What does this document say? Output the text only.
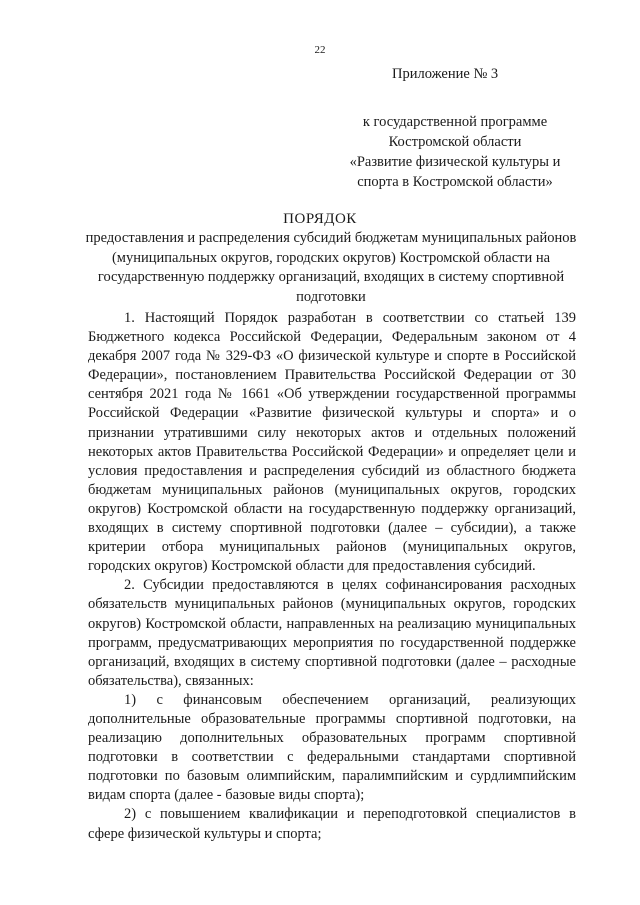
22
Приложение № 3
к государственной программе
Костромской области
«Развитие физической культуры и
спорта в Костромской области»
ПОРЯДОК
предоставления и распределения субсидий бюджетам муниципальных районов (муниципальных округов, городских округов) Костромской области на государственную поддержку организаций, входящих в систему спортивной подготовки

1. Настоящий Порядок разработан в соответствии со статьей 139 Бюджетного кодекса Российской Федерации, Федеральным законом от 4 декабря 2007 года № 329-ФЗ «О физической культуре и спорте в Российской Федерации», постановлением Правительства Российской Федерации от 30 сентября 2021 года № 1661 «Об утверждении государственной программы Российской Федерации «Развитие физической культуры и спорта» и о признании утратившими силу некоторых актов и отдельных положений некоторых актов Правительства Российской Федерации» и определяет цели и условия предоставления и распределения субсидий из областного бюджета бюджетам муниципальных районов (муниципальных округов, городских округов) Костромской области на государственную поддержку организаций, входящих в систему спортивной подготовки (далее – субсидии), а также критерии отбора муниципальных районов (муниципальных округов, городских округов) Костромской области для предоставления субсидий.

2. Субсидии предоставляются в целях софинансирования расходных обязательств муниципальных районов (муниципальных округов, городских округов) Костромской области, направленных на реализацию муниципальных программ, предусматривающих мероприятия по государственной поддержке организаций, входящих в систему спортивной подготовки (далее – расходные обязательства), связанных:

1) с финансовым обеспечением организаций, реализующих дополнительные образовательные программы спортивной подготовки, на реализацию дополнительных образовательных программ спортивной подготовки в соответствии с федеральными стандартами спортивной подготовки по базовым олимпийским, паралимпийским и сурдлимпийским видам спорта (далее - базовые виды спорта);

2) с повышением квалификации и переподготовкой специалистов в сфере физической культуры и спорта;
